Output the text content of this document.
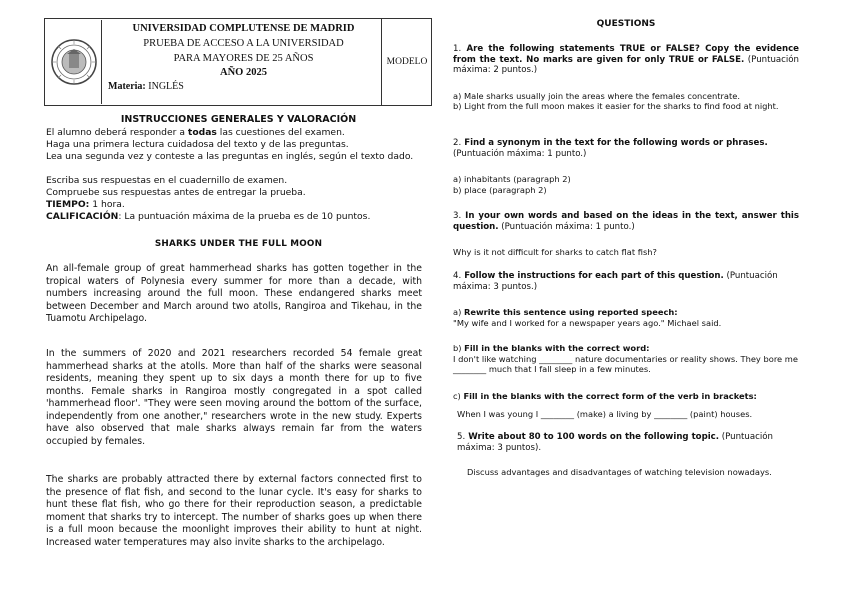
UNIVERSIDAD COMPLUTENSE DE MADRID
PRUEBA DE ACCESO A LA UNIVERSIDAD
PARA MAYORES DE 25 AÑOS
AÑO 2025
Materia: INGLÉS
MODELO
INSTRUCCIONES GENERALES Y VALORACIÓN
El alumno deberá responder a todas las cuestiones del examen.
Haga una primera lectura cuidadosa del texto y de las preguntas.
Lea una segunda vez y conteste a las preguntas en inglés, según el texto dado.
Escriba sus respuestas en el cuadernillo de examen.
Compruebe sus respuestas antes de entregar la prueba.
TIEMPO: 1 hora.
CALIFICACIÓN: La puntuación máxima de la prueba es de 10 puntos.
SHARKS UNDER THE FULL MOON
An all-female group of great hammerhead sharks has gotten together in the tropical waters of Polynesia every summer for more than a decade, with numbers increasing around the full moon. These endangered sharks meet between December and March around two atolls, Rangiroa and Tikehau, in the Tuamotu Archipelago.
In the summers of 2020 and 2021 researchers recorded 54 female great hammerhead sharks at the atolls. More than half of the sharks were seasonal residents, meaning they spent up to six days a month there for up to five months. Female sharks in Rangiroa mostly congregated in a spot called 'hammerhead floor'. "They were seen moving around the bottom of the surface, independently from one another," researchers wrote in the new study. Experts have also observed that male sharks always remain far from the waters occupied by females.
The sharks are probably attracted there by external factors connected first to the presence of flat fish, and second to the lunar cycle. It's easy for sharks to hunt these flat fish, who go there for their reproduction season, a predictable moment that sharks try to intercept. The number of sharks goes up when there is a full moon because the moonlight improves their ability to hunt at night. Increased water temperatures may also invite sharks to the archipelago.
QUESTIONS
1. Are the following statements TRUE or FALSE? Copy the evidence from the text. No marks are given for only TRUE or FALSE. (Puntuación máxima: 2 puntos.)
a) Male sharks usually join the areas where the females concentrate.
b) Light from the full moon makes it easier for the sharks to find food at night.
2. Find a synonym in the text for the following words or phrases. (Puntuación máxima: 1 punto.)
a) inhabitants (paragraph 2)
b) place (paragraph 2)
3. In your own words and based on the ideas in the text, answer this question. (Puntuación máxima: 1 punto.)
Why is it not difficult for sharks to catch flat fish?
4. Follow the instructions for each part of this question. (Puntuación máxima: 3 puntos.)
a) Rewrite this sentence using reported speech:
"My wife and I worked for a newspaper years ago." Michael said.
b) Fill in the blanks with the correct word:
I don't like watching ________ nature documentaries or reality shows. They bore me ________ much that I fall sleep in a few minutes.
c) Fill in the blanks with the correct form of the verb in brackets:
When I was young I ________ (make) a living by ________ (paint) houses.
5. Write about 80 to 100 words on the following topic. (Puntuación máxima: 3 puntos).
Discuss advantages and disadvantages of watching television nowadays.
